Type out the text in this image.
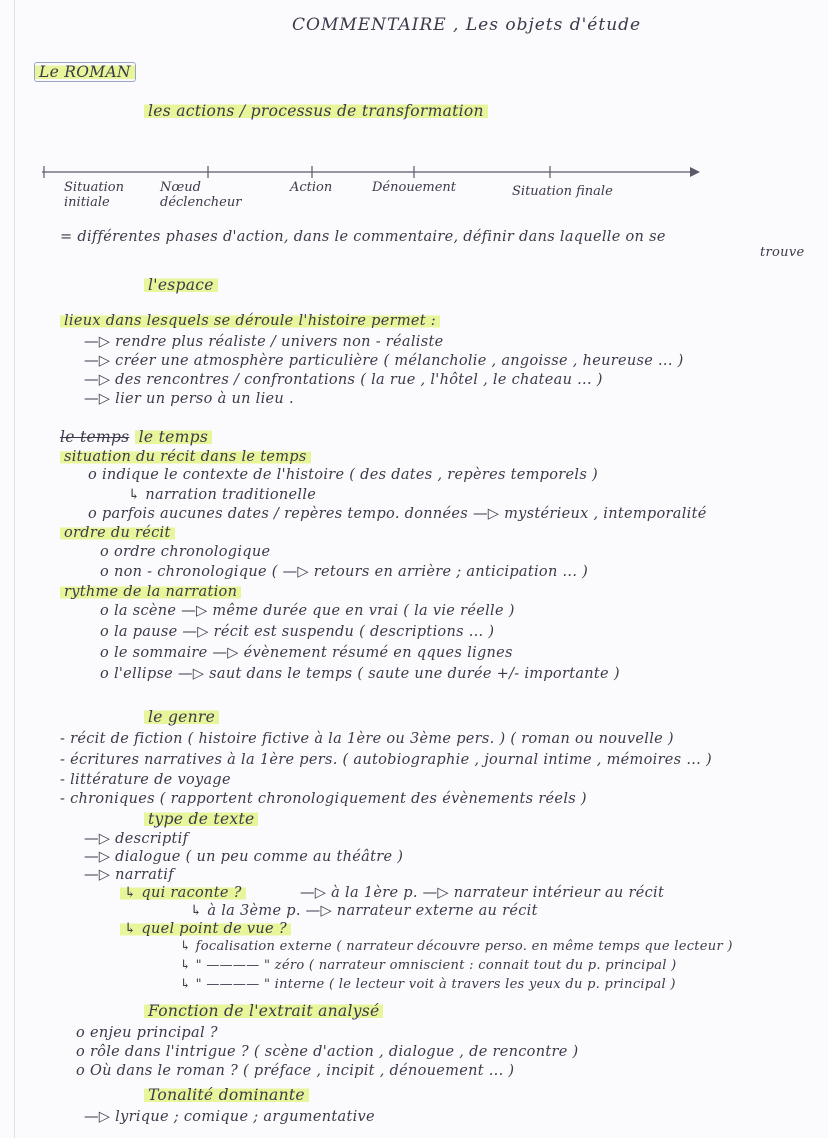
COMMENTAIRE , Les objets d'étude
Le ROMAN
les actions / processus de transformation
Situation initiale
Nœud déclencheur
Action	Dénouement	Situation finale
= différentes phases d'action, dans le commentaire, définir dans laquelle on se
trouve
l'espace
lieux dans lesquels se déroule l'histoire permet :
—▷ rendre plus réaliste / univers non - réaliste
—▷ créer une atmosphère particulière ( mélancholie , angoisse , heureuse ... )
—▷ des rencontres / confrontations ( la rue , l'hôtel , le chateau ... )
—▷ lier un perso à un lieu .
le temps le temps
situation du récit dans le temps
o indique le contexte de l'histoire ( des dates , repères temporels )
↳ narration traditionelle
o parfois aucunes dates / repères tempo. données —▷ mystérieux , intemporalité
ordre du récit
o ordre chronologique
o non - chronologique ( —▷ retours en arrière ; anticipation ... )
rythme de la narration
o la scène —▷ même durée que en vrai ( la vie réelle )
o la pause —▷ récit est suspendu ( descriptions ... )
o le sommaire —▷ évènement résumé en qques lignes
o l'ellipse —▷ saut dans le temps ( saute une durée +/- importante )
le genre
- récit de fiction ( histoire fictive à la 1ère ou 3ème pers. ) ( roman ou nouvelle )
- écritures narratives à la 1ère pers. ( autobiographie , journal intime , mémoires ... )
- littérature de voyage
- chroniques ( rapportent chronologiquement des évènements réels )
type de texte
—▷ descriptif
—▷ dialogue ( un peu comme au théâtre )
—▷ narratif
↳ qui raconte ?	—▷ à la 1ère p. —▷ narrateur intérieur au récit
↳ à la 3ème p. —▷ narrateur externe au récit
↳ quel point de vue ?
↳ focalisation externe ( narrateur découvre perso. en même temps que lecteur )
↳ " ———— " zéro ( narrateur omniscient : connait tout du p. principal )
↳ " ———— " interne ( le lecteur voit à travers les yeux du p. principal )
Fonction de l'extrait analysé
o enjeu principal ?
o rôle dans l'intrigue ? ( scène d'action , dialogue , de rencontre )
o Où dans le roman ? ( préface , incipit , dénouement ... )
Tonalité dominante
—▷ lyrique ; comique ; argumentative
